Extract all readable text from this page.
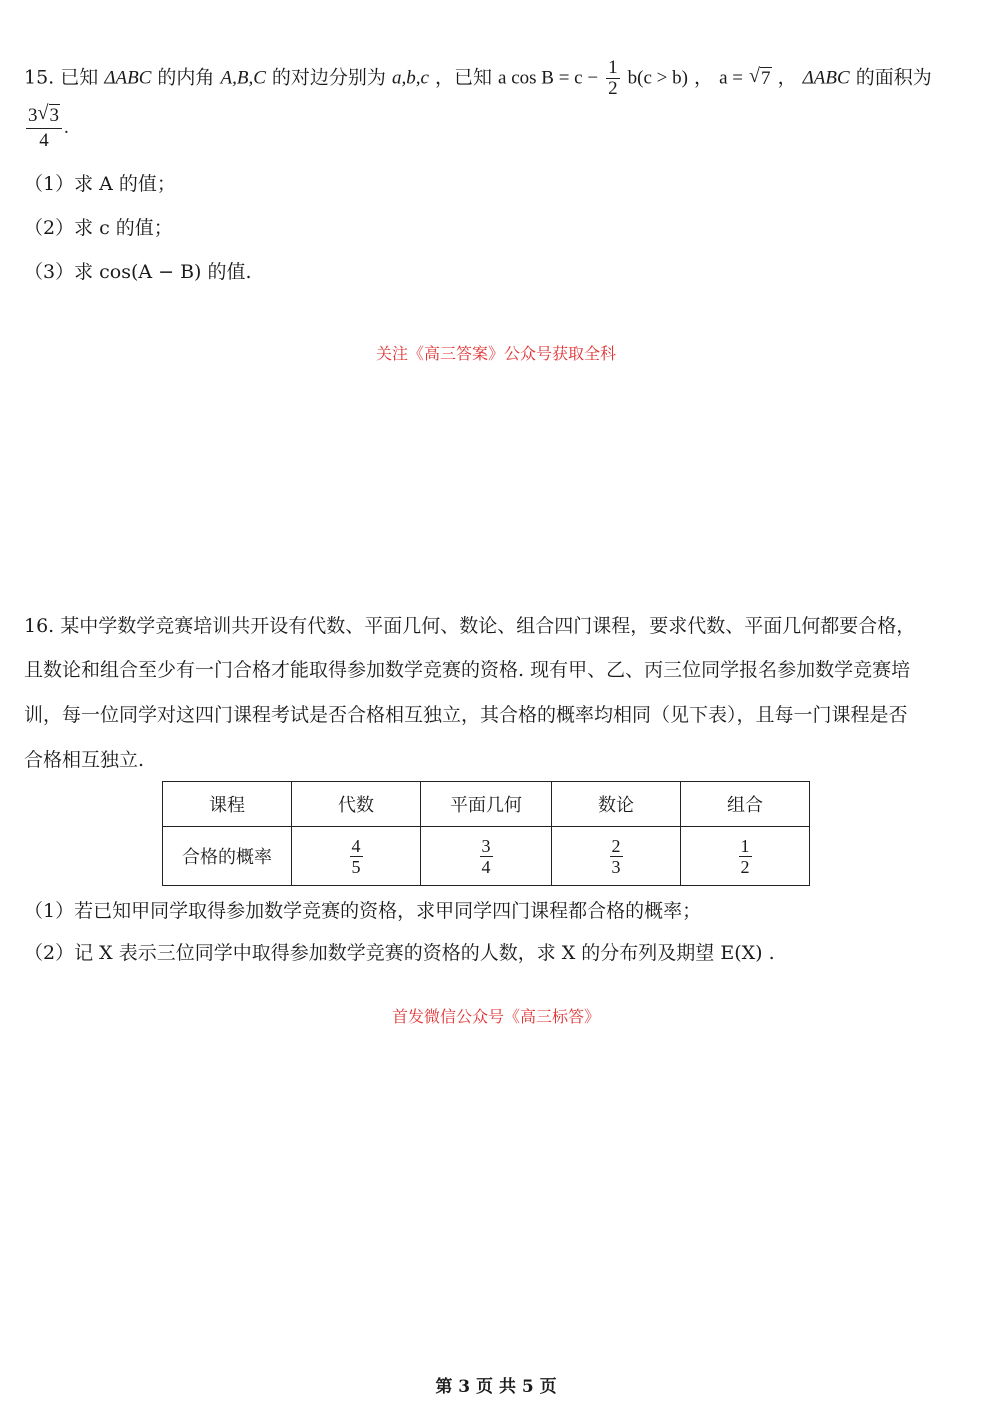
15. 已知 ΔABC 的内角 A,B,C 的对边分别为 a,b,c ，已知 a $\cos B = c - \frac{1}{2} b(c > b)$ ， a = √ 7 ， ΔABC 的面积为
$\frac{3 √ 3}{4}$ .
（1）求 A 的值；
（2）求 c 的值；
（3）求 cos(A − B) 的值.
关注《高三答案》公众号获取全科
16. 某中学数学竞赛培训共开设有代数、平面几何、数论、组合四门课程，要求代数、平面几何都要合格，
且数论和组合至少有一门合格才能取得参加数学竞赛的资格. 现有甲、乙、丙三位同学报名参加数学竞赛培
训，每一位同学对这四门课程考试是否合格相互独立，其合格的概率均相同（见下表），且每一门课程是否
合格相互独立.
课程	代数	平面几何	数论	组合
合格的概率	$\frac{4}{5}$	$\frac{3}{4}$	$\frac{2}{3}$	$\frac{1}{2}$
（1）若已知甲同学取得参加数学竞赛的资格，求甲同学四门课程都合格的概率；
（2）记 X 表示三位同学中取得参加数学竞赛的资格的人数，求 X 的分布列及期望 E(X) .
首发微信公众号《高三标答》
第 3 页 共 5 页
